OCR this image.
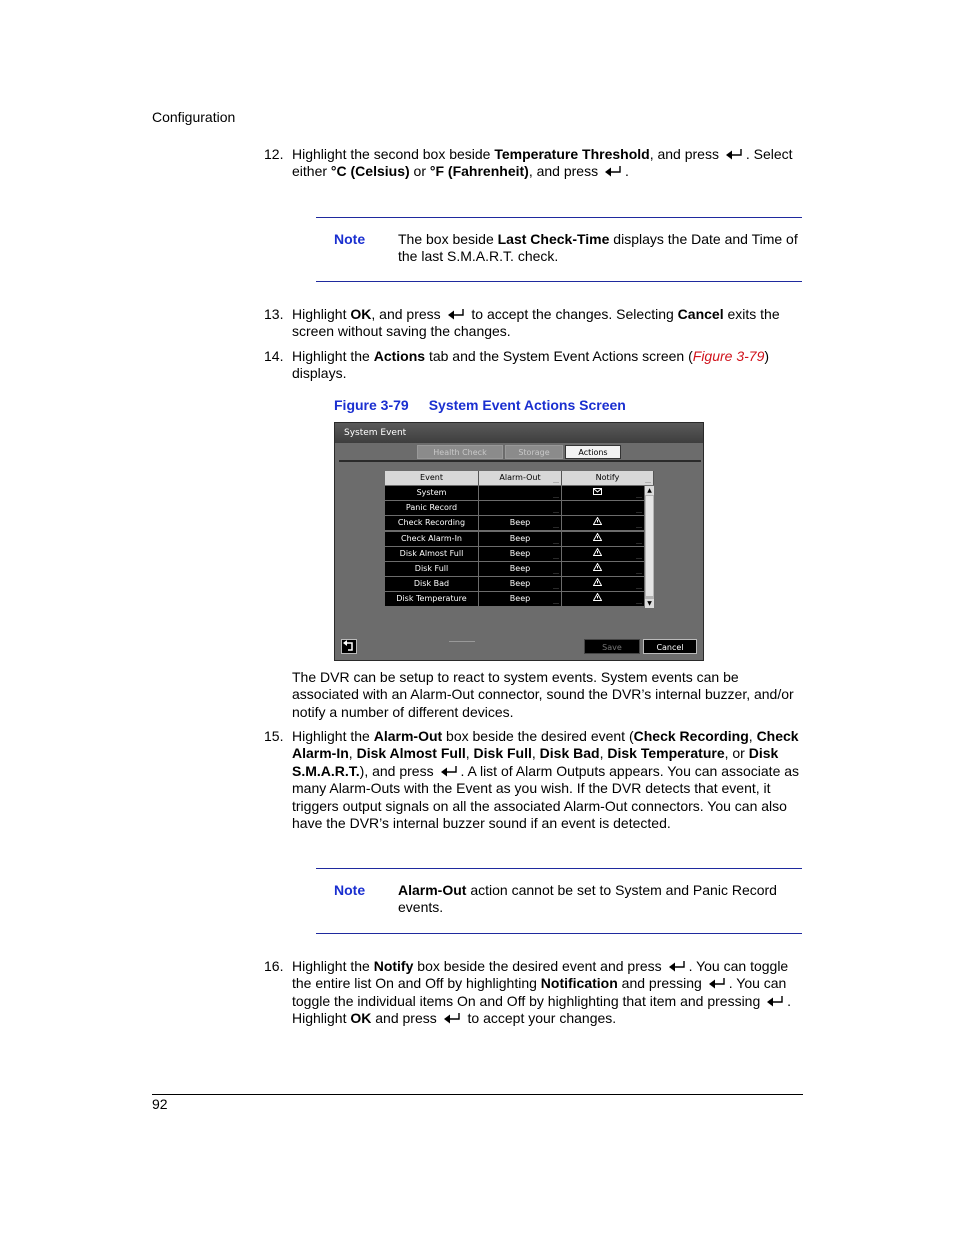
Configuration
12. Highlight the second box beside Temperature Threshold, and press . Select either °C (Celsius) or °F (Fahrenheit), and press .
Note The box beside Last Check-Time displays the Date and Time of the last S.M.A.R.T. check.
13. Highlight OK, and press  to accept the changes. Selecting Cancel exits the screen without saving the changes.
14. Highlight the Actions tab and the System Event Actions screen (Figure 3-79) displays.
Figure 3-79 System Event Actions Screen
System Event
Health Check	Storage	Actions
Event	Alarm-Out …	Notify	…
System	…	…
Panic Record	…	…
Check Recording	Beep	…	…
Check Alarm-In	Beep	…	…
Disk Almost Full	Beep	…	…
Disk Full	Beep	…	…
Disk Bad	Beep	…	…
Disk Temperature	Beep	…	…
▲
▼
Save	Cancel
The DVR can be setup to react to system events. System events can be associated with an Alarm-Out connector, sound the DVR’s internal buzzer, and/or notify a number of different devices.
15. Highlight the Alarm-Out box beside the desired event (Check Recording, Check Alarm-In, Disk Almost Full, Disk Full, Disk Bad, Disk Temperature, or Disk S.M.A.R.T.), and press . A list of Alarm Outputs appears. You can associate as many Alarm-Outs with the Event as you wish. If the DVR detects that event, it triggers output signals on all the associated Alarm-Out connectors. You can also have the DVR’s internal buzzer sound if an event is detected.
Note Alarm-Out action cannot be set to System and Panic Record events.
16. Highlight the Notify box beside the desired event and press . You can toggle the entire list On and Off by highlighting Notification and pressing . You can toggle the individual items On and Off by highlighting that item and pressing . Highlight OK and press  to accept your changes.
92
